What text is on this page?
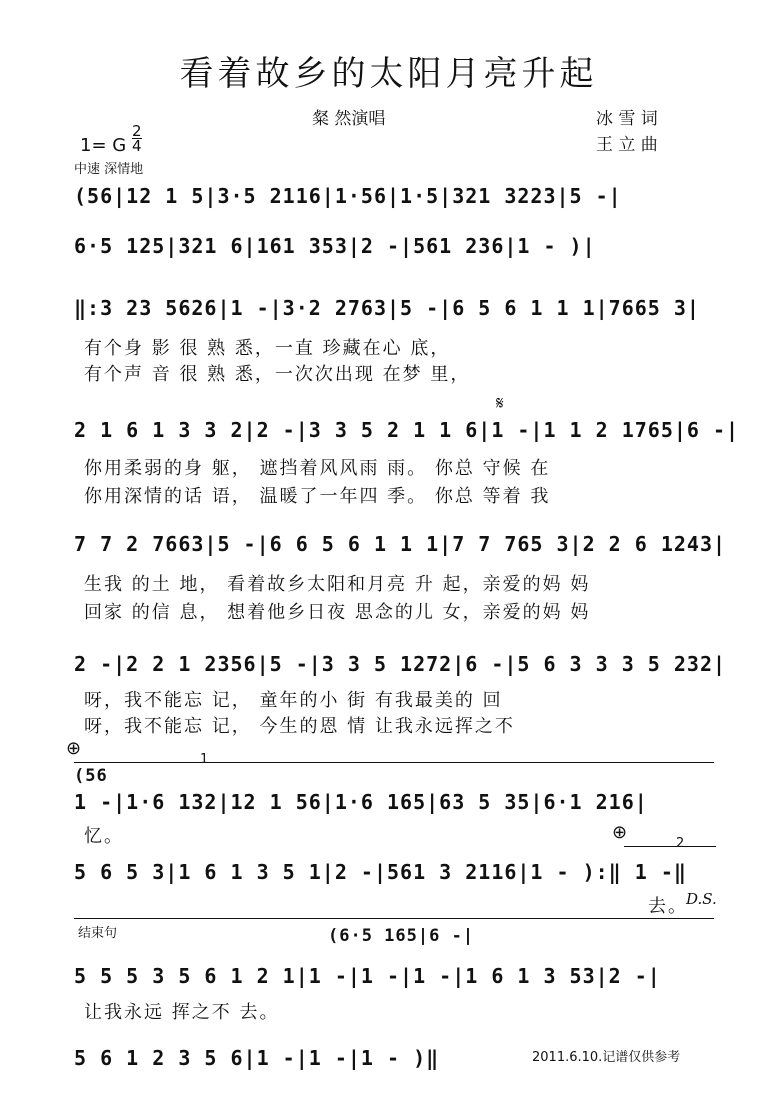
看着故乡的太阳月亮升起
粲 然演唱	冰 雪 词
王 立 曲
1= G $\frac{2}{4}$
中速 深情地
(56|12 1 5|3·5 2116|1·56|1·5|321 3223|5 -|
6·5 125|321 6|161 353|2 -|561 236|1 - )|
‖:3 23 5626|1 -|3·2 2763|5 -|6 5 6 1 1 1|7665 3|
有个身 影 很 熟 悉，一直 珍藏在心 底，
有个声 音 很 熟 悉，一次次出现 在梦 里，
𝄋
2 1 6 1 3 3 2|2 -|3 3 5 2 1 1 6|1 -|1 1 2 1765|6 -|
你用柔弱的身 躯， 遮挡着风风雨 雨。 你总 守候 在
你用深情的话 语， 温暖了一年四 季。 你总 等着 我
7 7 2 7663|5 -|6 6 5 6 1 1 1|7 7 765 3|2 2 6 1243|
生我 的土 地， 看着故乡太阳和月亮 升 起，亲爱的妈 妈
回家 的信 息， 想着他乡日夜 思念的儿 女，亲爱的妈 妈
2 -|2 2 1 2356|5 -|3 3 5 1272|6 -|5 6 3 3 3 5 232|
呀，我不能忘 记， 童年的小 街 有我最美的 回
呀，我不能忘 记， 今生的恩 情 让我永远挥之不
⊕
1
(56
1 -|1·6 132|12 1 56|1·6 165|63 5 35|6·1 216|
忆。	⊕
2
5 6 5 3|1 6 1 3 5 1|2 -|561 3 2116|1 - ):‖ 1 -‖
去。
D.S.
结束句	(6·5 165|6 -|
5 5 5 3 5 6 1 2 1|1 -|1 -|1 -|1 6 1 3 53|2 -|
让我永远 挥之不 去。
5 6 1 2 3 5 6|1 -|1 -|1 - )‖	2011.6.10.记谱仅供参考
